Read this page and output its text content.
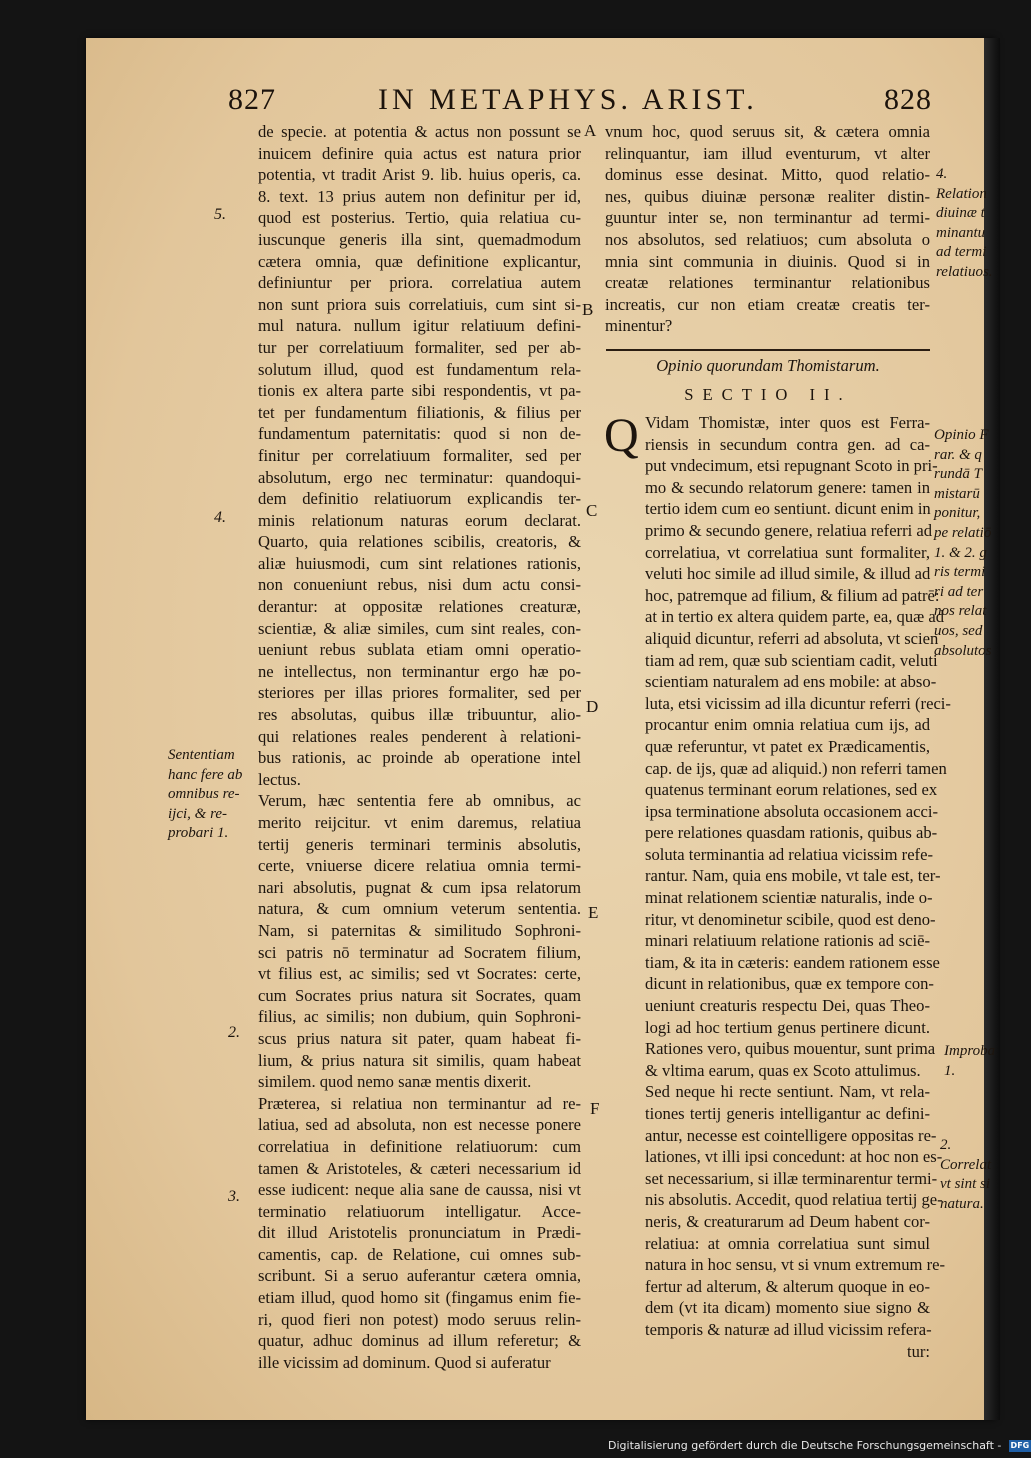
827	IN METAPHYS. ARIST.	828
de specie. at potentia & actus non possunt se
inuicem definire quia actus est natura prior
potentia, vt tradit Arist 9. lib. huius operis, ca.
8. text. 13 prius autem non definitur per id,
quod est posterius. Tertio, quia relatiua cu-
iuscunque generis illa sint, quemadmodum
cætera omnia, quæ definitione explicantur,
definiuntur per priora. correlatiua autem
non sunt priora suis correlatiuis, cum sint si-
mul natura. nullum igitur relatiuum defini-
tur per correlatiuum formaliter, sed per ab-
solutum illud, quod est fundamentum rela-
tionis ex altera parte sibi respondentis, vt pa-
tet per fundamentum filiationis, & filius per
fundamentum paternitatis: quod si non de-
finitur per correlatiuum formaliter, sed per
absolutum, ergo nec terminatur: quandoqui-
dem definitio relatiuorum explicandis ter-
minis relationum naturas eorum declarat.
Quarto, quia relationes scibilis, creatoris, &
aliæ huiusmodi, cum sint relationes rationis,
non conueniunt rebus, nisi dum actu consi-
derantur: at oppositæ relationes creaturæ,
scientiæ, & aliæ similes, cum sint reales, con-
ueniunt rebus sublata etiam omni operatio-
ne intellectus, non terminantur ergo hæ po-
steriores per illas priores formaliter, sed per
res absolutas, quibus illæ tribuuntur, alio-
qui relationes reales penderent à relationi-
bus rationis, ac proinde ab operatione intel
lectus.
Verum, hæc sententia fere ab omnibus, ac
merito reijcitur. vt enim daremus, relatiua
tertij generis terminari terminis absolutis,
certe, vniuerse dicere relatiua omnia termi-
nari absolutis, pugnat & cum ipsa relatorum
natura, & cum omnium veterum sententia.
Nam, si paternitas & similitudo Sophroni-
sci patris nō terminatur ad Socratem filium,
vt filius est, ac similis; sed vt Socrates: certe,
cum Socrates prius natura sit Socrates, quam
filius, ac similis; non dubium, quin Sophroni-
scus prius natura sit pater, quam habeat fi-
lium, & prius natura sit similis, quam habeat
similem. quod nemo sanæ mentis dixerit.
Præterea, si relatiua non terminantur ad re-
latiua, sed ad absoluta, non est necesse ponere
correlatiua in definitione relatiuorum: cum
tamen & Aristoteles, & cæteri necessarium id
esse iudicent: neque alia sane de caussa, nisi vt
terminatio relatiuorum intelligatur. Acce-
dit illud Aristotelis pronunciatum in Prædi-
camentis, cap. de Relatione, cui omnes sub-
scribunt. Si a seruo auferantur cætera omnia,
etiam illud, quod homo sit (fingamus enim fie-
ri, quod fieri non potest) modo seruus relin-
quatur, adhuc dominus ad illum referetur; &
ille vicissim ad dominum. Quod si auferatur
vnum hoc, quod seruus sit, & cætera omnia
relinquantur, iam illud eventurum, vt alter
dominus esse desinat. Mitto, quod relatio-
nes, quibus diuinæ personæ realiter distin-
guuntur inter se, non terminantur ad termi-
nos absolutos, sed relatiuos; cum absoluta o
mnia sint communia in diuinis. Quod si in
creatæ relationes terminantur relationibus
increatis, cur non etiam creatæ creatis ter-
minentur?
Opinio quorundam Thomistarum.
SECTIO II.
Q Vidam Thomistæ, inter quos est Ferra-
riensis in secundum contra gen. ad ca-
put vndecimum, etsi repugnant Scoto in pri-
mo & secundo relatorum genere: tamen in
tertio idem cum eo sentiunt. dicunt enim in
primo & secundo genere, relatiua referri ad
correlatiua, vt correlatiua sunt formaliter,
veluti hoc simile ad illud simile, & illud ad
hoc, patremque ad filium, & filium ad patrē:
at in tertio ex altera quidem parte, ea, quæ ad
aliquid dicuntur, referri ad absoluta, vt scien
tiam ad rem, quæ sub scientiam cadit, veluti
scientiam naturalem ad ens mobile: at abso-
luta, etsi vicissim ad illa dicuntur referri (reci-
procantur enim omnia relatiua cum ijs, ad
quæ referuntur, vt patet ex Prædicamentis,
cap. de ijs, quæ ad aliquid.) non referri tamen
quatenus terminant eorum relationes, sed ex
ipsa terminatione absoluta occasionem acci-
pere relationes quasdam rationis, quibus ab-
soluta terminantia ad relatiua vicissim refe-
rantur. Nam, quia ens mobile, vt tale est, ter-
minat relationem scientiæ naturalis, inde o-
ritur, vt denominetur scibile, quod est deno-
minari relatiuum relatione rationis ad sciē-
tiam, & ita in cæteris: eandem rationem esse
dicunt in relationibus, quæ ex tempore con-
ueniunt creaturis respectu Dei, quas Theo-
logi ad hoc tertium genus pertinere dicunt.
Rationes vero, quibus mouentur, sunt prima
& vltima earum, quas ex Scoto attulimus.
Sed neque hi recte sentiunt. Nam, vt rela-
tiones tertij generis intelligantur ac defini-
antur, necesse est cointelligere oppositas re-
lationes, vt illi ipsi concedunt: at hoc non es-
set necessarium, si illæ terminarentur termi-
nis absolutis. Accedit, quod relatiua tertij ge-
neris, & creaturarum ad Deum habent cor-
relatiua: at omnia correlatiua sunt simul
natura in hoc sensu, vt si vnum extremum re-
fertur ad alterum, & alterum quoque in eo-
dem (vt ita dicam) momento siue signo &
temporis & naturæ ad illud vicissim refera-
tur:
A
B
C
D
E
F
5.
4.
Sententiam
hanc fere ab
omnibus re-
ijci, & re-
probari 1.
2.
3.
4.
Relation
diuinæ t
minantu
ad termi
relatiuos.
Opinio F
rar. & q
rundā T
mistarū
ponitur,
pe relatiō
1. & 2. g
ris termi
ri ad ter
nos relat
uos, sed
absolutos
Improba
1.
2.
Correlat
vt sint si
natura.
Digitalisierung gefördert durch die Deutsche Forschungsgemeinschaft - DFG
